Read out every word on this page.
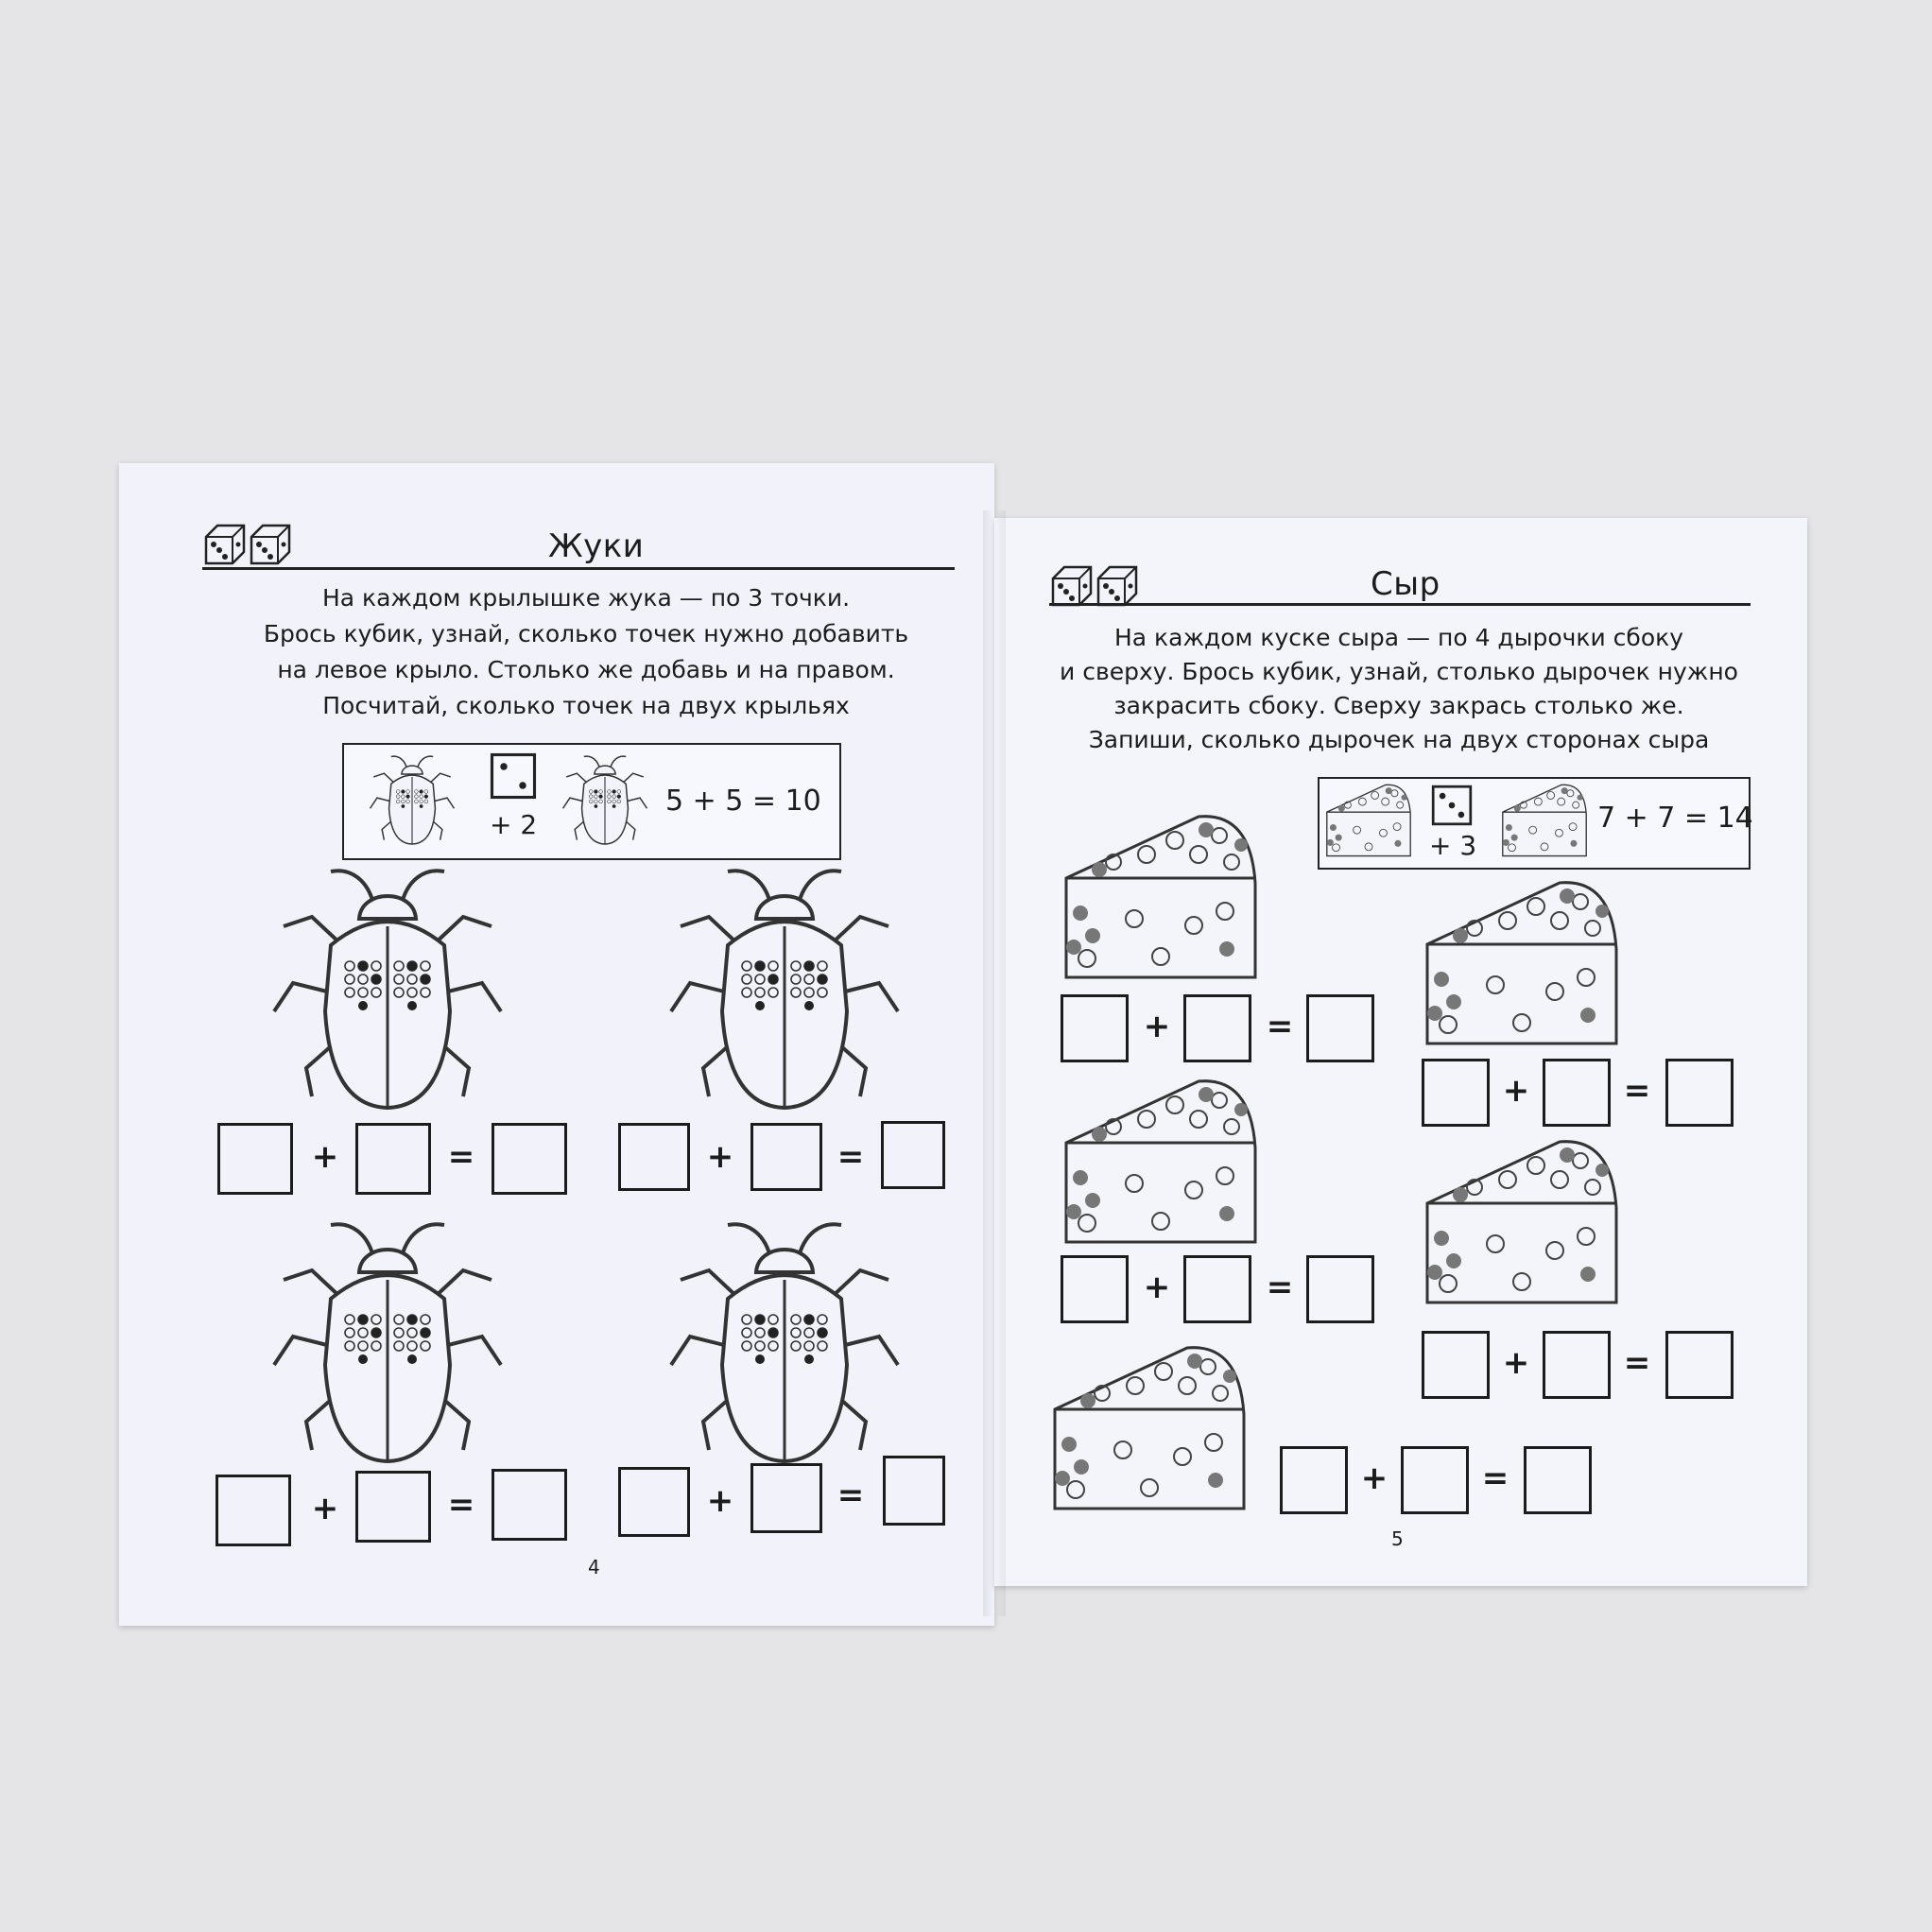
Жуки
На каждом крылышке жука — по 3 точки.
Брось кубик, узнай, сколько точек нужно добавить
на левое крыло. Столько же добавь и на правом.
Посчитай, сколько точек на двух крыльях
+ 2
5 + 5 = 10
+	=	+	=
+	=	+	=
4
Сыр
На каждом куске сыра — по 4 дырочки сбоку
и сверху. Брось кубик, узнай, столько дырочек нужно
закрасить сбоку. Сверху закрась столько же.
Запиши, сколько дырочек на двух сторонах сыра
+ 3
7 + 7 = 14
+	=
+	=
+	=
+	=
+	=
5
